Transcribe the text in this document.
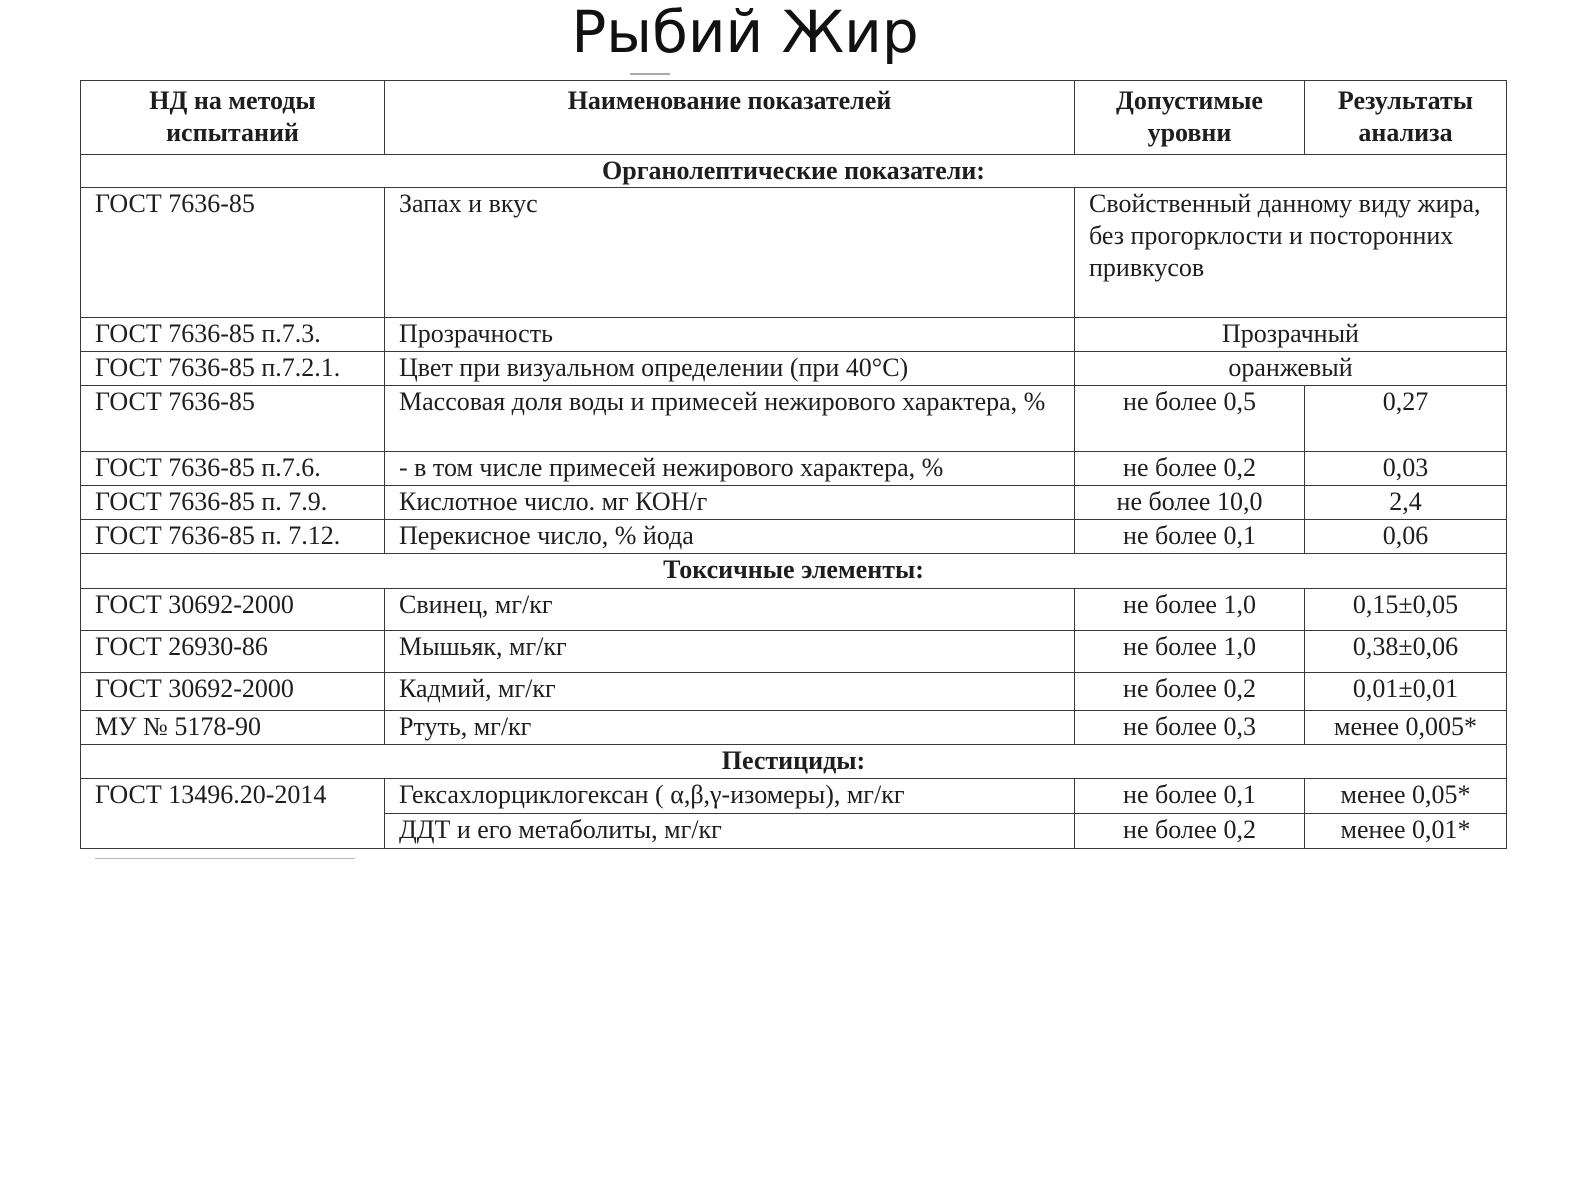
Рыбий Жир
НД на методы испытаний	Наименование показателей	Допустимые уровни	Результаты анализа
Органолептические показатели:			
ГОСТ 7636-85	Запах и вкус	Свойственный данному виду жира,
без прогорклости и посторонних привкусов	

ГОСТ 7636-85 п.7.3.	Прозрачность	Прозрачный	
ГОСТ 7636-85 п.7.2.1.	Цвет при визуальном определении (при 40°С)	оранжевый	
ГОСТ 7636-85	Массовая доля воды и примесей нежирового характера, %	не более 0,5	0,27
ГОСТ 7636-85 п.7.6.	- в том числе примесей нежирового характера, %	не более 0,2	0,03
ГОСТ 7636-85 п. 7.9.	Кислотное число. мг КОН/г	не более 10,0	2,4
ГОСТ 7636-85 п. 7.12.	Перекисное число, % йода	не более 0,1	0,06
Токсичные элементы:			
ГОСТ 30692-2000	Свинец, мг/кг	не более 1,0	0,15±0,05
ГОСТ 26930-86	Мышьяк, мг/кг	не более 1,0	0,38±0,06
ГОСТ 30692-2000	Кадмий, мг/кг	не более 0,2	0,01±0,01
МУ № 5178-90	Ртуть, мг/кг	не более 0,3	менее 0,005*
Пестициды:			
ГОСТ 13496.20-2014	Гексахлорциклогексан ( α,β,γ-изомеры), мг/кг	не более 0,1	менее 0,05*
	ДДТ и его метаболиты, мг/кг	не более 0,2	менее 0,01*
